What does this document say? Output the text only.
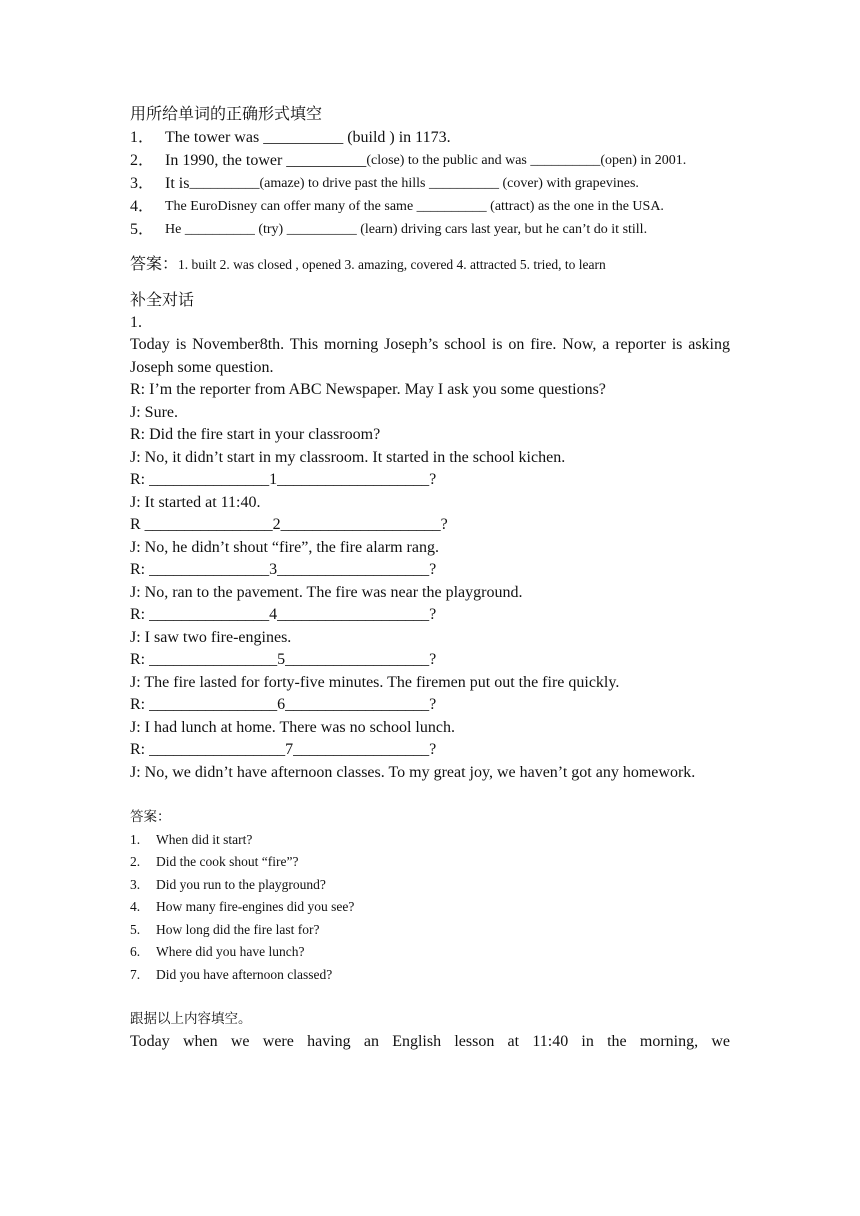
用所给单词的正确形式填空
1． The tower was __________ (build ) in 1173.
2． In 1990, the tower __________ (close) to the public and was __________(open) in 2001.
3． It is __________(amaze) to drive past the hills __________ (cover) with grapevines.
4． The EuroDisney can offer many of the same __________ (attract) as the one in the USA.
5． He __________ (try) __________ (learn) driving cars last year, but he can’t do it still.
答案：1. built 2. was closed , opened 3. amazing, covered 4. attracted 5. tried, to learn
补全对话
1.
Today is November8th. This morning Joseph’s school is on fire. Now, a reporter is asking Joseph some question.
R: I’m the reporter from ABC Newspaper. May I ask you some questions?
J: Sure.
R: Did the fire start in your classroom?
J: No, it didn’t start in my classroom. It started in the school kichen.
R: _______________1___________________?
J: It started at 11:40.
R ________________2____________________?
J: No, he didn’t shout “fire”, the fire alarm rang.
R: _______________3___________________?
J: No, ran to the pavement. The fire was near the playground.
R: _______________4___________________?
J: I saw two fire-engines.
R: ________________5__________________?
J: The fire lasted for forty-five minutes. The firemen put out the fire quickly.
R: ________________6__________________?
J: I had lunch at home. There was no school lunch.
R: _________________7_________________?
J: No, we didn’t have afternoon classes. To my great joy, we haven’t got any homework.
答案：
1.	When did it start?
2.	Did the cook shout “fire”?
3.	Did you run to the playground?
4.	How many fire-engines did you see?
5.	How long did the fire last for?
6.	Where did you have lunch?
7.	Did you have afternoon classed?
跟据以上内容填空。
Today when we were having an English lesson at 11:40 in the morning, we
